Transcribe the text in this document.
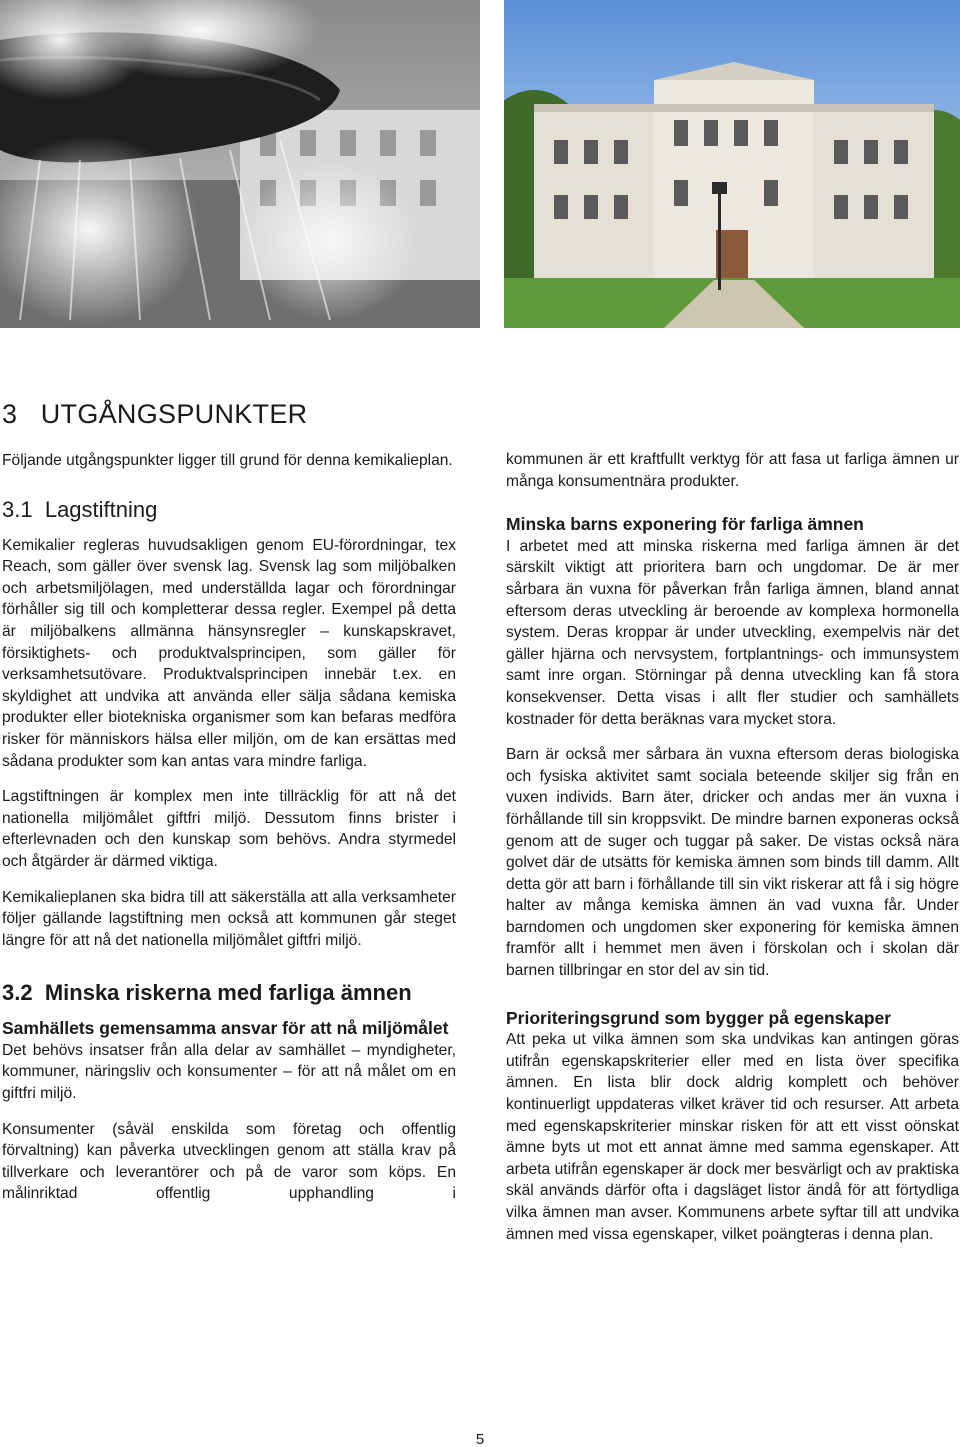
3 UTGÅNGSPUNKTER

Följande utgångspunkter ligger till grund för denna kemikalieplan.

3.1 Lagstiftning

Kemikalier regleras huvudsakligen genom EU-förordningar, tex Reach, som gäller över svensk lag. Svensk lag som miljöbalken och arbetsmiljölagen, med underställda lagar och förordningar förhåller sig till och kompletterar dessa regler. Exempel på detta är miljöbalkens allmänna hänsynsregler – kunskapskravet, försiktighets- och produktvalsprincipen, som gäller för verksamhetsutövare. Produktvalsprincipen innebär t.ex. en skyldighet att undvika att använda eller sälja sådana kemiska produkter eller biotekniska organismer som kan befaras medföra risker för människors hälsa eller miljön, om de kan ersättas med sådana produkter som kan antas vara mindre farliga.

Lagstiftningen är komplex men inte tillräcklig för att nå det nationella miljömålet giftfri miljö. Dessutom finns brister i efterlevnaden och den kunskap som behövs. Andra styrmedel och åtgärder är därmed viktiga.

Kemikalieplanen ska bidra till att säkerställa att alla verksamheter följer gällande lagstiftning men också att kommunen går steget längre för att nå det nationella miljömålet giftfri miljö.

3.2 Minska riskerna med farliga ämnen
Samhällets gemensamma ansvar för att nå miljömålet

Det behövs insatser från alla delar av samhället – myndigheter, kommuner, näringsliv och konsumenter – för att nå målet om en giftfri miljö.

Konsumenter (såväl enskilda som företag och offentlig förvaltning) kan påverka utvecklingen genom att ställa krav på tillverkare och leverantörer och på de varor som köps. En målinriktad offentlig upphandling i

kommunen är ett kraftfullt verktyg för att fasa ut farliga ämnen ur många konsumentnära produkter.

Minska barns exponering för farliga ämnen

I arbetet med att minska riskerna med farliga ämnen är det särskilt viktigt att prioritera barn och ungdomar. De är mer sårbara än vuxna för påverkan från farliga ämnen, bland annat eftersom deras utveckling är beroende av komplexa hormonella system. Deras kroppar är under utveckling, exempelvis när det gäller hjärna och nervsystem, fortplantnings- och immunsystem samt inre organ. Störningar på denna utveckling kan få stora konsekvenser. Detta visas i allt fler studier och samhällets kostnader för detta beräknas vara mycket stora.

Barn är också mer sårbara än vuxna eftersom deras biologiska och fysiska aktivitet samt sociala beteende skiljer sig från en vuxen individs. Barn äter, dricker och andas mer än vuxna i förhållande till sin kroppsvikt. De mindre barnen exponeras också genom att de suger och tuggar på saker. De vistas också nära golvet där de utsätts för kemiska ämnen som binds till damm. Allt detta gör att barn i förhållande till sin vikt riskerar att få i sig högre halter av många kemiska ämnen än vad vuxna får. Under barndomen och ungdomen sker exponering för kemiska ämnen framför allt i hemmet men även i förskolan och i skolan där barnen tillbringar en stor del av sin tid.

Prioriteringsgrund som bygger på egenskaper

Att peka ut vilka ämnen som ska undvikas kan antingen göras utifrån egenskapskriterier eller med en lista över specifika ämnen. En lista blir dock aldrig komplett och behöver kontinuerligt uppdateras vilket kräver tid och resurser. Att arbeta med egenskapskriterier minskar risken för att ett visst oönskat ämne byts ut mot ett annat ämne med samma egenskaper. Att arbeta utifrån egenskaper är dock mer besvärligt och av praktiska skäl används därför ofta i dagsläget listor ändå för att förtydliga vilka ämnen man avser. Kommunens arbete syftar till att undvika ämnen med vissa egenskaper, vilket poängteras i denna plan.

5
